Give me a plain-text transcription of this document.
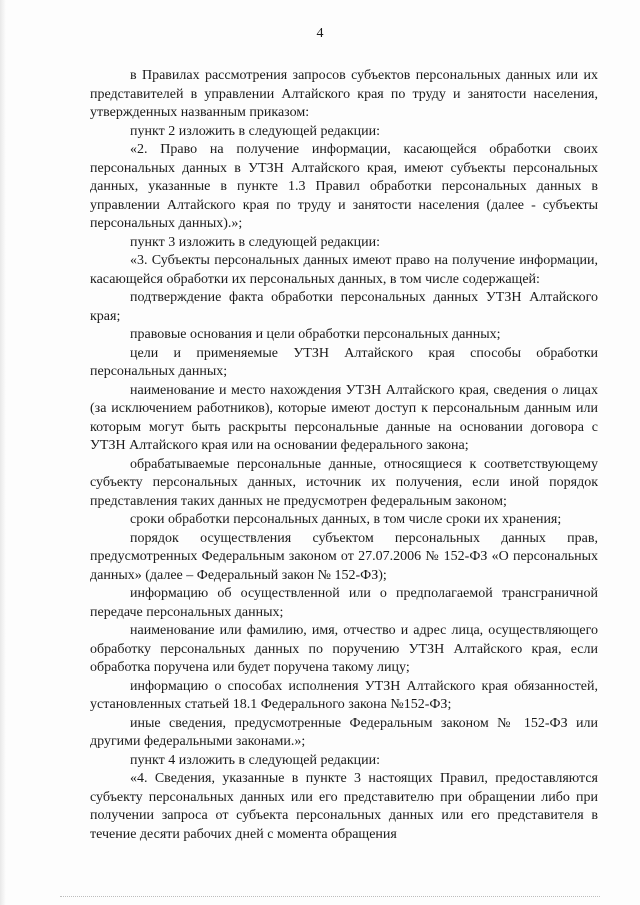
4

в Правилах рассмотрения запросов субъектов персональных данных или их представителей в управлении Алтайского края по труду и занятости населения, утвержденных названным приказом:

пункт 2 изложить в следующей редакции:

«2. Право на получение информации, касающейся обработки своих персональных данных в УТЗН Алтайского края, имеют субъекты персональных данных, указанные в пункте 1.3 Правил обработки персональных данных в управлении Алтайского края по труду и занятости населения (далее - субъекты персональных данных).»;

пункт 3 изложить в следующей редакции:

«3. Субъекты персональных данных имеют право на получение информации, касающейся обработки их персональных данных, в том числе содержащей:

подтверждение факта обработки персональных данных УТЗН Алтайского края;

правовые основания и цели обработки персональных данных;

цели и применяемые УТЗН Алтайского края способы обработки персональных данных;

наименование и место нахождения УТЗН Алтайского края, сведения о лицах (за исключением работников), которые имеют доступ к персональным данным или которым могут быть раскрыты персональные данные на основании договора с УТЗН Алтайского края или на основании федерального закона;

обрабатываемые персональные данные, относящиеся к соответствующему субъекту персональных данных, источник их получения, если иной порядок представления таких данных не предусмотрен федеральным законом;

сроки обработки персональных данных, в том числе сроки их хранения;

порядок осуществления субъектом персональных данных прав, предусмотренных Федеральным законом от 27.07.2006 № 152-ФЗ «О персональных данных» (далее – Федеральный закон № 152-ФЗ);

информацию об осуществленной или о предполагаемой трансграничной передаче персональных данных;

наименование или фамилию, имя, отчество и адрес лица, осуществляющего обработку персональных данных по поручению УТЗН Алтайского края, если обработка поручена или будет поручена такому лицу;

информацию о способах исполнения УТЗН Алтайского края обязанностей, установленных статьей 18.1 Федерального закона №152-ФЗ;

иные сведения, предусмотренные Федеральным законом № 152-ФЗ или другими федеральными законами.»;

пункт 4 изложить в следующей редакции:

«4. Сведения, указанные в пункте 3 настоящих Правил, предоставляются субъекту персональных данных или его представителю при обращении либо при получении запроса от субъекта персональных данных или его представителя в течение десяти рабочих дней с момента обращения
